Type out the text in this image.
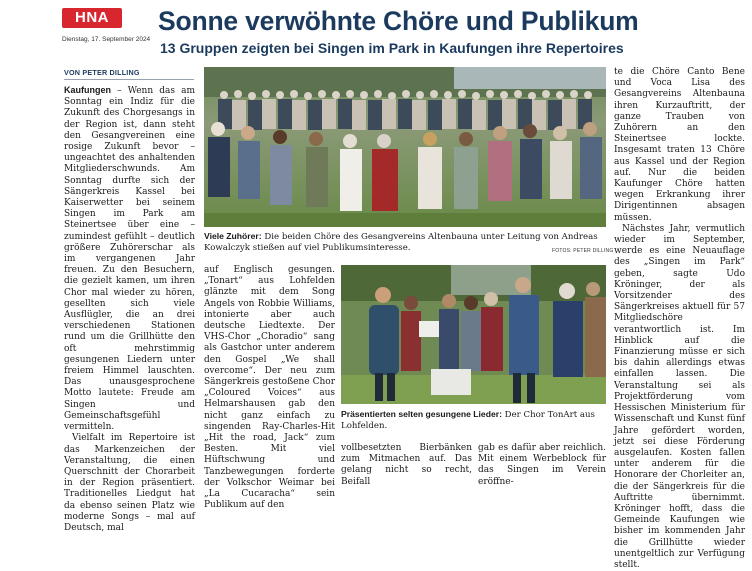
HNA
Dienstag, 17. September 2024
Sonne verwöhnte Chöre und Publikum
13 Gruppen zeigten bei Singen im Park in Kaufungen ihre Repertoires
VON PETER DILLING

Kaufungen – Wenn das am Sonntag ein Indiz für die Zukunft des Chorgesangs in der Region ist, dann steht den Gesangvereinen eine rosige Zukunft bevor – ungeachtet des anhaltenden Mitgliederschwunds. Am Sonntag durfte sich der Sängerkreis Kassel bei Kaiserwetter bei seinem Singen im Park am Steinertsee über eine – zumindest gefühlt – deutlich größere Zuhörerschar als im vergangenen Jahr freuen. Zu den Besuchern, die gezielt kamen, um ihren Chor mal wieder zu hören, gesellten sich viele Ausflügler, die an drei verschiedenen Stationen rund um die Grillhütte den oft mehrstimmig gesungenen Liedern unter freiem Himmel lauschten. Das unausgesprochene Motto lautete: Freude am Singen und Gemeinschaftsgefühl vermitteln.

Vielfalt im Repertoire ist das Markenzeichen der Veranstaltung, die einen Querschnitt der Chorarbeit in der Region präsentiert. Traditionelles Liedgut hat da ebenso seinen Platz wie moderne Songs – mal auf Deutsch, mal

Viele Zuhörer: Die beiden Chöre des Gesangvereins Altenbauna unter Leitung von Andreas Kowalczyk stießen auf viel Publikumsinteresse.	FOTOS: PETER DILLING

auf Englisch gesungen. „Tonart“ aus Lohfelden glänzte mit dem Song Angels von Robbie Williams, intonierte aber auch deutsche Liedtexte. Der VHS-Chor „Choradio“ sang als Gastchor unter anderem den Gospel „We shall overcome“. Der neu zum Sängerkreis gestoßene Chor „Coloured Voices“ aus Helmarshausen gab den nicht ganz einfach zu singenden Ray-Charles-Hit „Hit the road, Jack“ zum Besten. Mit viel Hüftschwung und Tanzbewegungen forderte der Volkschor Weimar bei „La Cucaracha“ sein Publikum auf den

Präsentierten selten gesungene Lieder: Der Chor TonArt aus Lohfelden.

vollbesetzten Bierbänken zum Mitmachen auf. Das gelang nicht so recht, Beifall

gab es dafür aber reichlich. Mit einem Werbeblock für das Singen im Verein eröffne-

te die Chöre Canto Bene und Voca Lisa des Gesangvereins Altenbauna ihren Kurzauftritt, der ganze Trauben von Zuhörern an den Steinertsee lockte. Insgesamt traten 13 Chöre aus Kassel und der Region auf. Nur die beiden Kaufunger Chöre hatten wegen Erkrankung ihrer Dirigentinnen absagen müssen.

Nächstes Jahr, vermutlich wieder im September, werde es eine Neuauflage des „Singen im Park“ geben, sagte Udo Kröninger, der als Vorsitzender des Sängerkreises aktuell für 57 Mitgliedschöre verantwortlich ist. Im Hinblick auf die Finanzierung müsse er sich bis dahin allerdings etwas einfallen lassen. Die Veranstaltung sei als Projektförderung vom Hessischen Ministerium für Wissenschaft und Kunst fünf Jahre gefördert worden, jetzt sei diese Förderung ausgelaufen. Kosten fallen unter anderem für die Honorare der Chorleiter an, die der Sängerkreis für die Auftritte übernimmt. Kröninger hofft, dass die Gemeinde Kaufungen wie bisher im kommenden Jahr die Grillhütte wieder unentgeltlich zur Verfügung stellt.
